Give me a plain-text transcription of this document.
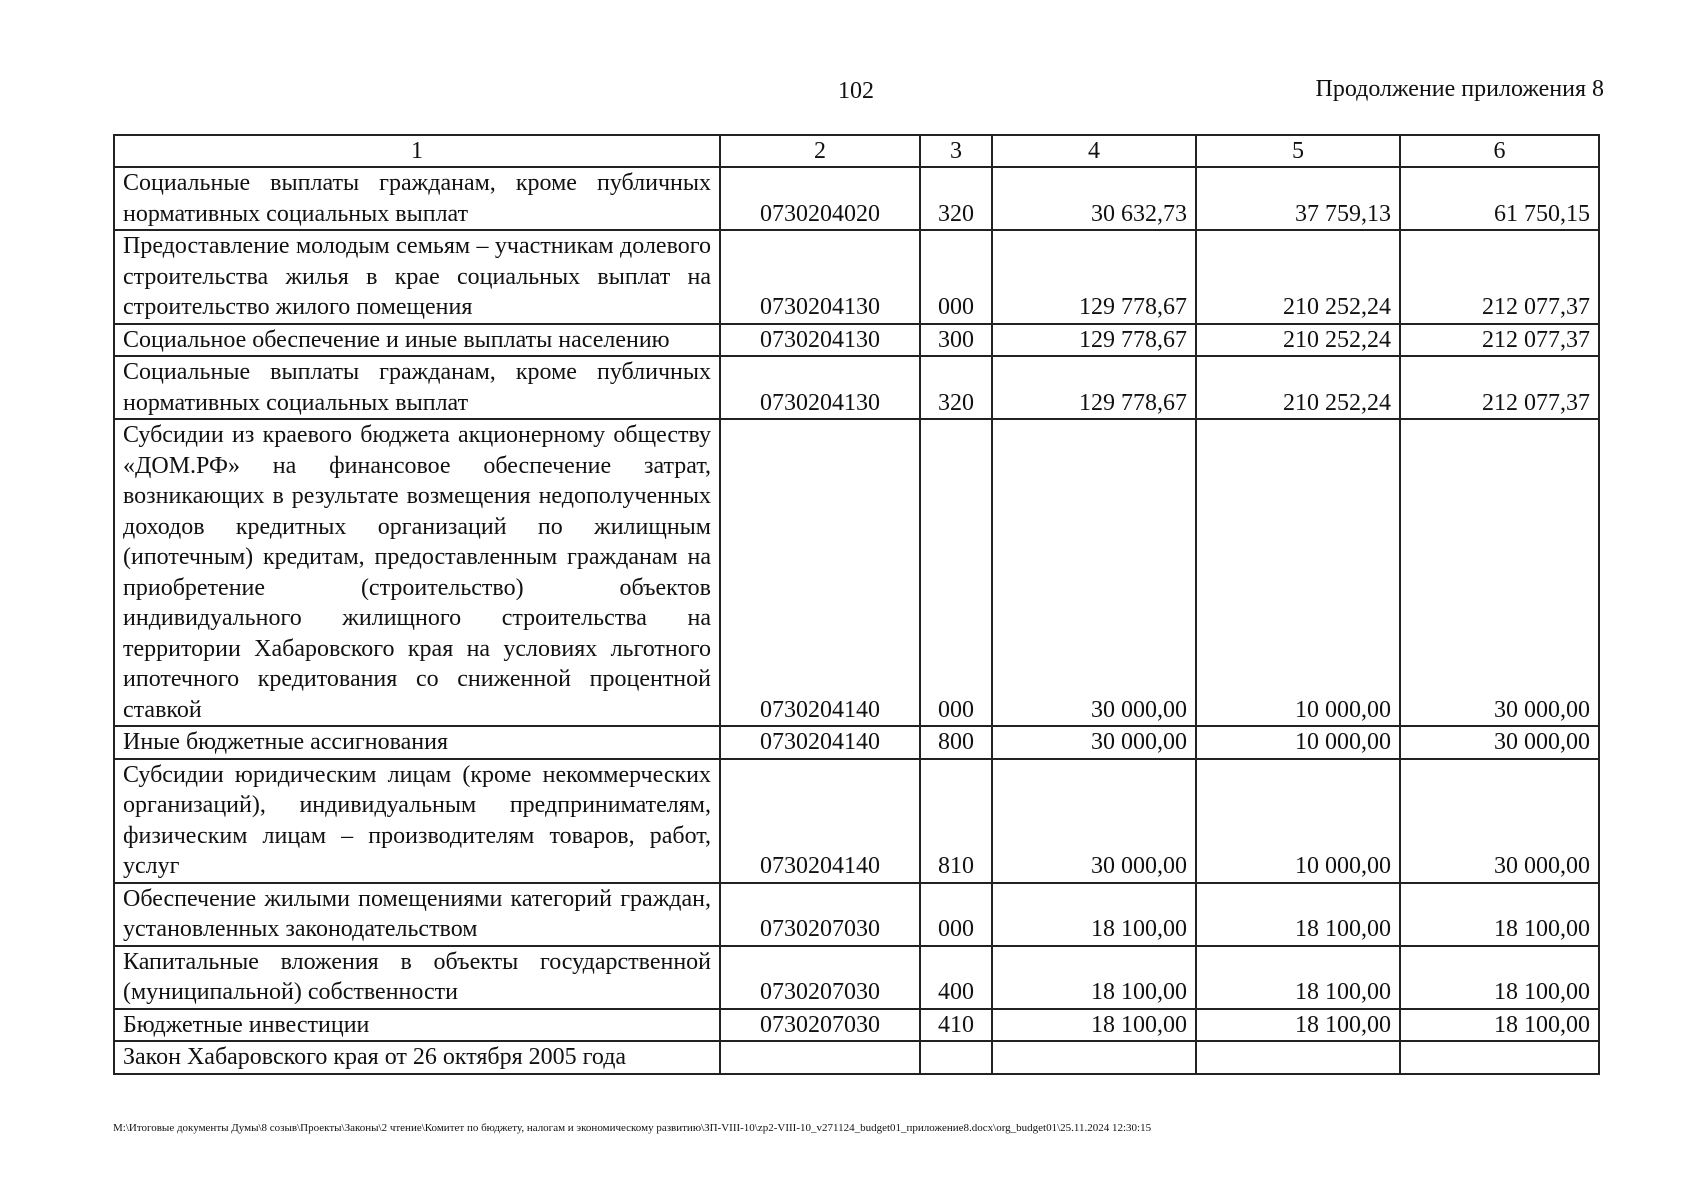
102	Продолжение приложения 8
1	2	3	4	5	6
Социальные выплаты гражданам, кроме публичных нормативных социальных выплат	0730204020	320	30 632,73	37 759,13	61 750,15
Предоставление молодым семьям – участникам долевого строительства жилья в крае социальных выплат на строительство жилого помещения	0730204130	000	129 778,67	210 252,24	212 077,37
Социальное обеспечение и иные выплаты населению	0730204130	300	129 778,67	210 252,24	212 077,37
Социальные выплаты гражданам, кроме публичных нормативных социальных выплат	0730204130	320	129 778,67	210 252,24	212 077,37
Субсидии из краевого бюджета акционерному обществу «ДОМ.РФ» на финансовое обеспечение затрат, возникающих в результате возмещения недополученных доходов кредитных организаций по жилищным (ипотечным) кредитам, предоставленным гражданам на приобретение (строительство) объектов индивидуального жилищного строительства на территории Хабаровского края на условиях льготного ипотечного кредитования со сниженной процентной ставкой	0730204140	000	30 000,00	10 000,00	30 000,00
Иные бюджетные ассигнования	0730204140	800	30 000,00	10 000,00	30 000,00
Субсидии юридическим лицам (кроме некоммерческих организаций), индивидуальным предпринимателям, физическим лицам – производителям товаров, работ, услуг	0730204140	810	30 000,00	10 000,00	30 000,00
Обеспечение жилыми помещениями категорий граждан, установленных законодательством	0730207030	000	18 100,00	18 100,00	18 100,00
Капитальные вложения в объекты государственной (муниципальной) собственности	0730207030	400	18 100,00	18 100,00	18 100,00
Бюджетные инвестиции	0730207030	410	18 100,00	18 100,00	18 100,00
Закон Хабаровского края от 26 октября 2005 года					
M:\Итоговые документы Думы\8 созыв\Проекты\Законы\2 чтение\Комитет по бюджету, налогам и экономическому развитию\ЗП-VIII-10\zp2-VIII-10_v271124_budget01_приложение8.docx\org_budget01\25.11.2024 12:30:15
